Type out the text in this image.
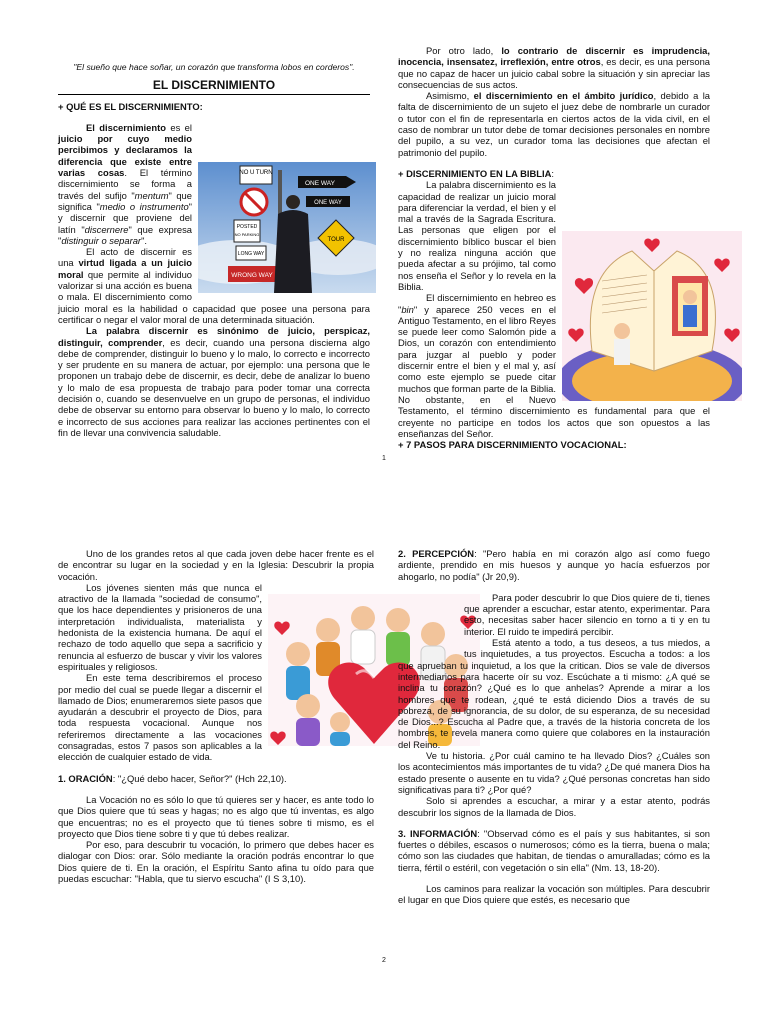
"El sueño que hace soñar, un corazón que transforma lobos en corderos".

EL DISCERNIMIENTO

+ QUÉ ES EL DISCERNIMIENTO:

NO U TURN
ONE WAY
ONE WAY
POSTED
NO PARKING
LONG WAY
WRONG WAY
TOUR

El discernimiento es el juicio por cuyo medio percibimos y declaramos la diferencia que existe entre varias cosas. El término discernimiento se forma a través del sufijo "mentum" que significa "medio o instrumento" y discernir que proviene del latín "discernere" que expresa "distinguir o separar".

El acto de discernir es una virtud ligada a un juicio moral que permite al individuo valorizar si una acción es buena o mala. El discernimiento como juicio moral es la habilidad o capacidad que posee una persona para certificar o negar el valor moral de una determinada situación.

La palabra discernir es sinónimo de juicio, perspicaz, distinguir, comprender, es decir, cuando una persona discierna algo debe de comprender, distinguir lo bueno y lo malo, lo correcto e incorrecto y ser prudente en su manera de actuar, por ejemplo: una persona que le proponen un trabajo debe de discernir, es decir, debe de analizar lo bueno y lo malo de esa propuesta de trabajo para poder tomar una correcta decisión o, cuando se desenvuelve en un grupo de personas, el individuo debe de observar su entorno para observar lo bueno y lo malo, lo correcto e incorrecto de sus acciones para realizar las acciones pertinentes con el fin de llevar una convivencia saludable.

Por otro lado, lo contrario de discernir es imprudencia, inocencia, insensatez, irreflexión, entre otros, es decir, es una persona que no capaz de hacer un juicio cabal sobre la situación y sin apreciar las consecuencias de sus actos.

Asimismo, el discernimiento en el ámbito jurídico, debido a la falta de discernimiento de un sujeto el juez debe de nombrarle un curador o tutor con el fin de representarla en ciertos actos de la vida civil, en el caso de nombrar un tutor debe de tomar decisiones personales en nombre del pupilo, a su vez, un curador toma las decisiones que afectan el patrimonio del pupilo.

+ DISCERNIMIENTO EN LA BIBLIA:

La palabra discernimiento es la capacidad de realizar un juicio moral para diferenciar la verdad, el bien y el mal a través de la Sagrada Escritura. Las personas que eligen por el discernimiento bíblico buscar el bien y no realiza ninguna acción que pueda afectar a su prójimo, tal como nos enseña el Señor y lo revela en la Biblia.

El discernimiento en hebreo es "bin" y aparece 250 veces en el Antiguo Testamento, en el libro Reyes se puede leer como Salomón pide a Dios, un corazón con entendimiento para juzgar al pueblo y poder discernir entre el bien y el mal y, así como este ejemplo se puede citar muchos que forman parte de la Biblia. No obstante, en el Nuevo Testamento, el término discernimiento es fundamental para que el creyente no participe en todos los actos que son opuestos a las enseñanzas del Señor.

+ 7 PASOS PARA DISCERNIMIENTO VOCACIONAL:

1

Uno de los grandes retos al que cada joven debe hacer frente es el de encontrar su lugar en la sociedad y en la Iglesia: Descubrir la propia vocación.

Los jóvenes sienten más que nunca el atractivo de la llamada "sociedad de consumo", que los hace dependientes y prisioneros de una interpretación individualista, materialista y hedonista de la existencia humana. De aquí el rechazo de todo aquello que sepa a sacrificio y renuncia al esfuerzo de buscar y vivir los valores espirituales y religiosos.

En este tema describiremos el proceso por medio del cual se puede llegar a discernir el llamado de Dios; enumeraremos siete pasos que ayudarán a descubrir el proyecto de Dios, para toda respuesta vocacional. Aunque nos referiremos directamente a las vocaciones consagradas, estos 7 pasos son aplicables a la elección de cualquier estado de vida.

1. ORACIÓN: "¿Qué debo hacer, Señor?" (Hch 22,10).

La Vocación no es sólo lo que tú quieres ser y hacer, es ante todo lo que Dios quiere que tú seas y hagas; no es algo que tú inventas, es algo que encuentras; no es el proyecto que tú tienes sobre ti mismo, es el proyecto que Dios tiene sobre ti y que tú debes realizar.

Por eso, para descubrir tu vocación, lo primero que debes hacer es dialogar con Dios: orar. Sólo mediante la oración podrás encontrar lo que Dios quiere de ti. En la oración, el Espíritu Santo afina tu oído para que puedas escuchar: "Habla, que tu siervo escucha" (I S 3,10).

2. PERCEPCIÓN: "Pero había en mi corazón algo así como fuego ardiente, prendido en mis huesos y aunque yo hacía esfuerzos por ahogarlo, no podía" (Jr 20,9).

Para poder descubrir lo que Dios quiere de ti, tienes que aprender a escuchar, estar atento, experimentar. Para esto, necesitas saber hacer silencio en torno a ti y en tu interior. El ruido te impedirá percibir.

Está atento a todo, a tus deseos, a tus miedos, a tus inquietudes, a tus proyectos. Escucha a todos: a los que aprueban tu inquietud, a los que la critican. Dios se vale de diversos intermediarios para hacerte oír su voz. Escúchate a ti mismo: ¿A qué se inclina tu corazón? ¿Qué es lo que anhelas? Aprende a mirar a los hombres que te rodean, ¿qué te está diciendo Dios a través de su pobreza, de su ignorancia, de su dolor, de su esperanza, de su necesidad de Dios...? Escucha al Padre que, a través de la historia concreta de los hombres, te revela manera como quiere que colabores en la instauración del Reino.

Ve tu historia. ¿Por cuál camino te ha llevado Dios? ¿Cuáles son los acontecimientos más importantes de tu vida? ¿De qué manera Dios ha estado presente o ausente en tu vida? ¿Qué personas concretas han sido significativas para ti? ¿Por qué?

Solo si aprendes a escuchar, a mirar y a estar atento, podrás descubrir los signos de la llamada de Dios.

3. INFORMACIÓN: "Observad cómo es el país y sus habitantes, si son fuertes o débiles, escasos o numerosos; cómo es la tierra, buena o mala; cómo son las ciudades que habitan, de tiendas o amuralladas; cómo es la tierra, fértil o estéril, con vegetación o sin ella" (Nm. 13, 18-20).

Los caminos para realizar la vocación son múltiples. Para descubrir el lugar en que Dios quiere que estés, es necesario que

2
